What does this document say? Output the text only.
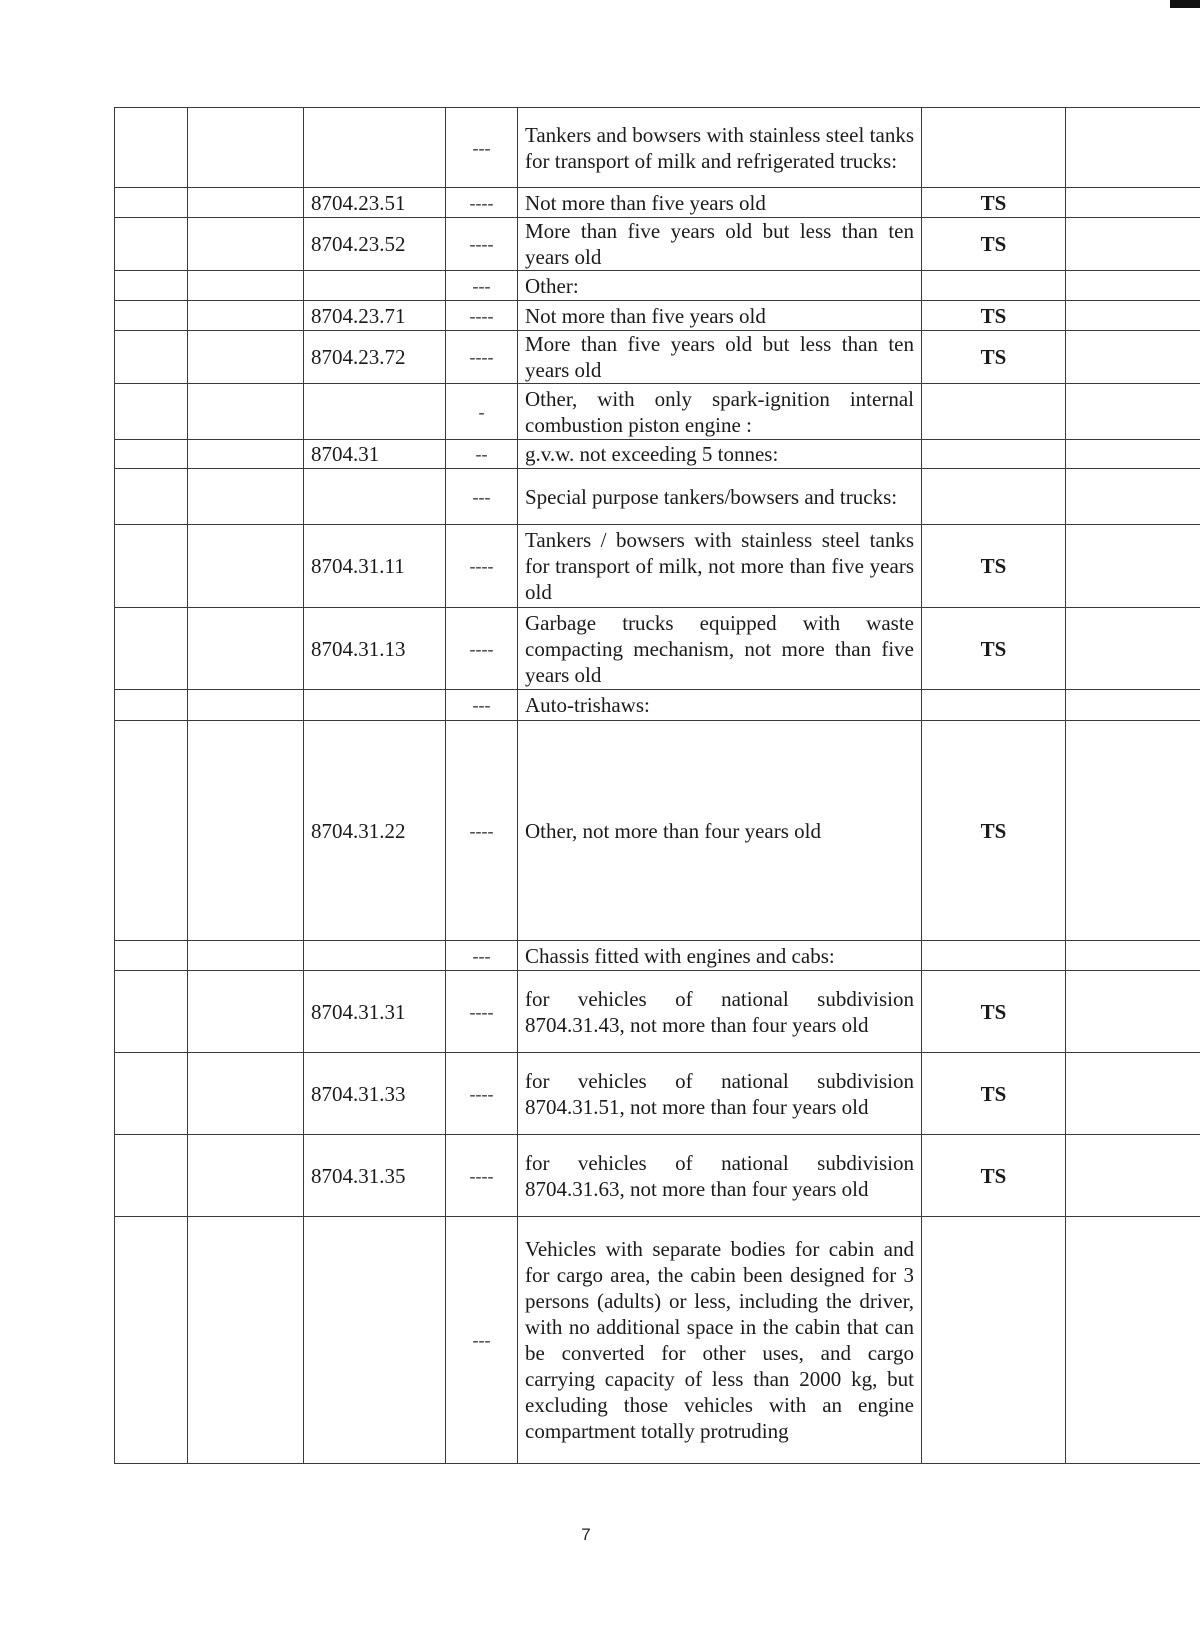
			---	Tankers and bowsers with stainless steel tanks for transport of milk and refrigerated trucks:		
		8704.23.51	----	Not more than five years old	TS	
		8704.23.52	----	More than five years old but less than ten years old	TS	
			---	Other:		
		8704.23.71	----	Not more than five years old	TS	
		8704.23.72	----	More than five years old but less than ten years old	TS	
			-	Other, with only spark-ignition internal combustion piston engine :		
		8704.31	--	g.v.w. not exceeding 5 tonnes:		
			---	Special purpose tankers/bowsers and trucks:		
		8704.31.11	----	Tankers / bowsers with stainless steel tanks for transport of milk, not more than five years old	TS	
		8704.31.13	----	Garbage trucks equipped with waste compacting mechanism, not more than five years old	TS	
			---	Auto-trishaws:		
		8704.31.22	----	Other, not more than four years old	TS	
			---	Chassis fitted with engines and cabs:		
		8704.31.31	----	for vehicles of national subdivision 8704.31.43, not more than four years old	TS	
		8704.31.33	----	for vehicles of national subdivision 8704.31.51, not more than four years old	TS	
		8704.31.35	----	for vehicles of national subdivision 8704.31.63, not more than four years old	TS	
			---	Vehicles with separate bodies for cabin and for cargo area, the cabin been designed for 3 persons (adults) or less, including the driver, with no additional space in the cabin that can be converted for other uses, and cargo carrying capacity of less than 2000 kg, but excluding those vehicles with an engine compartment totally protruding		
7
